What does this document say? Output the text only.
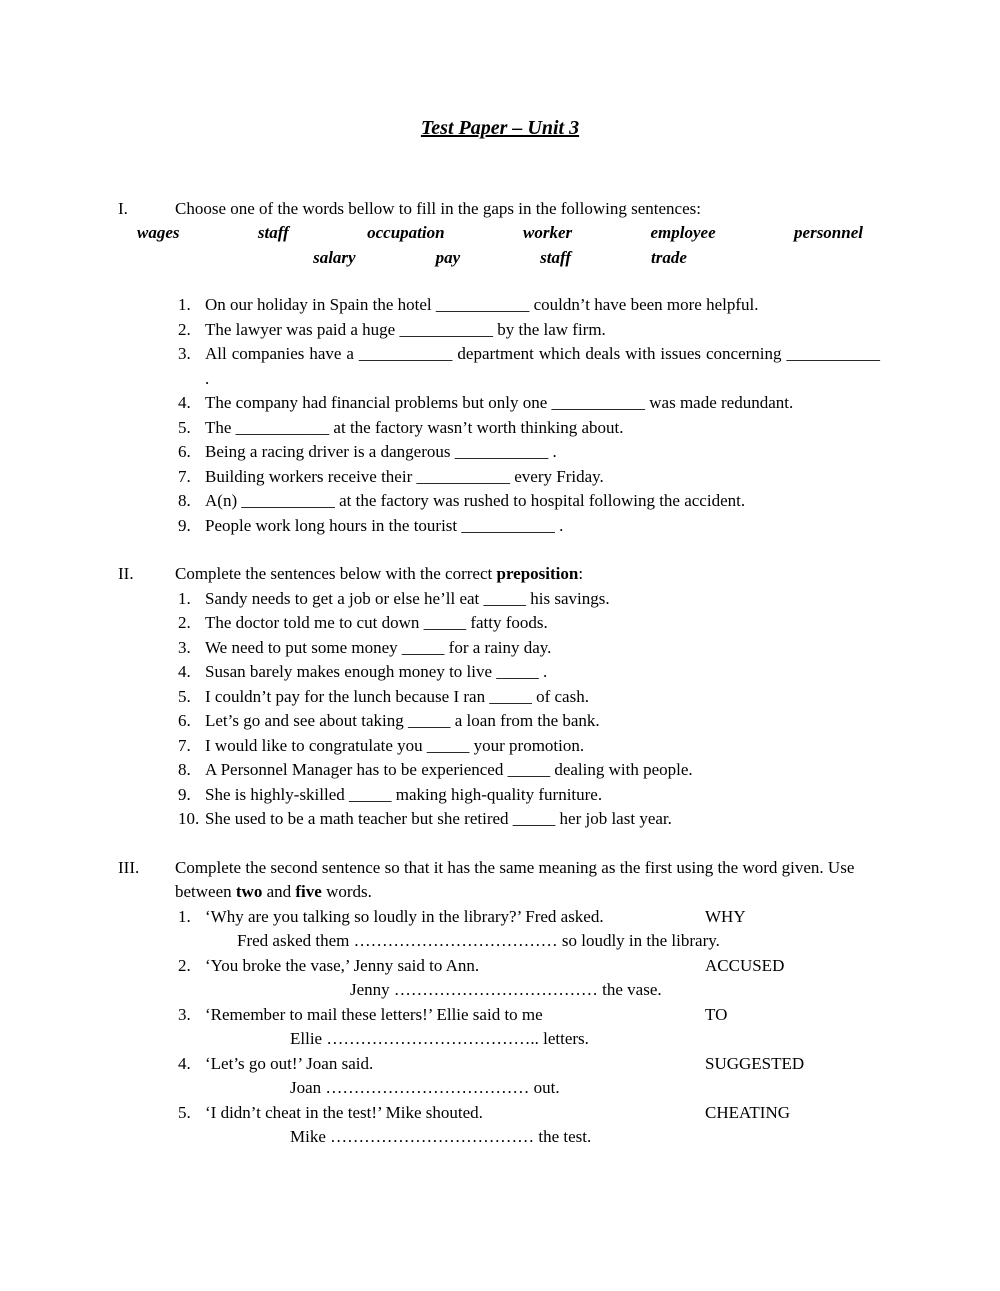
Test Paper – Unit 3
I.	Choose one of the words bellow to fill in the gaps in the following sentences:
wages	staff	occupation	worker	employee	personnel
salary	pay	staff	trade
1. On our holiday in Spain the hotel ___________ couldn’t have been more helpful.
2. The lawyer was paid a huge ___________ by the law firm.
3. All companies have a ___________ department which deals with issues concerning ___________ .
4. The company had financial problems but only one ___________ was made redundant.
5. The ___________ at the factory wasn’t worth thinking about.
6. Being a racing driver is a dangerous ___________ .
7. Building workers receive their ___________ every Friday.
8. A(n) ___________ at the factory was rushed to hospital following the accident.
9. People work long hours in the tourist ___________ .
II.	Complete the sentences below with the correct preposition:
1. Sandy needs to get a job or else he’ll eat _____ his savings.
2. The doctor told me to cut down _____ fatty foods.
3. We need to put some money _____ for a rainy day.
4. Susan barely makes enough money to live _____ .
5. I couldn’t pay for the lunch because I ran _____ of cash.
6. Let’s go and see about taking _____ a loan from the bank.
7. I would like to congratulate you _____ your promotion.
8. A Personnel Manager has to be experienced _____ dealing with people.
9. She is highly-skilled _____ making high-quality furniture.
10. She used to be a math teacher but she retired _____ her job last year.
III.	Complete the second sentence so that it has the same meaning as the first using the word given. Use between two and five words.
1. ‘Why are you talking so loudly in the library?’ Fred asked.	WHY
Fred asked them ……………………………… so loudly in the library.
2. ‘You broke the vase,’ Jenny said to Ann.	ACCUSED
Jenny ……………………………… the vase.
3. ‘Remember to mail these letters!’ Ellie said to me	TO
Ellie ……………………………….. letters.
4. ‘Let’s go out!’ Joan said.	SUGGESTED
Joan ……………………………… out.
5. ‘I didn’t cheat in the test!’ Mike shouted.	CHEATING
Mike ……………………………… the test.
